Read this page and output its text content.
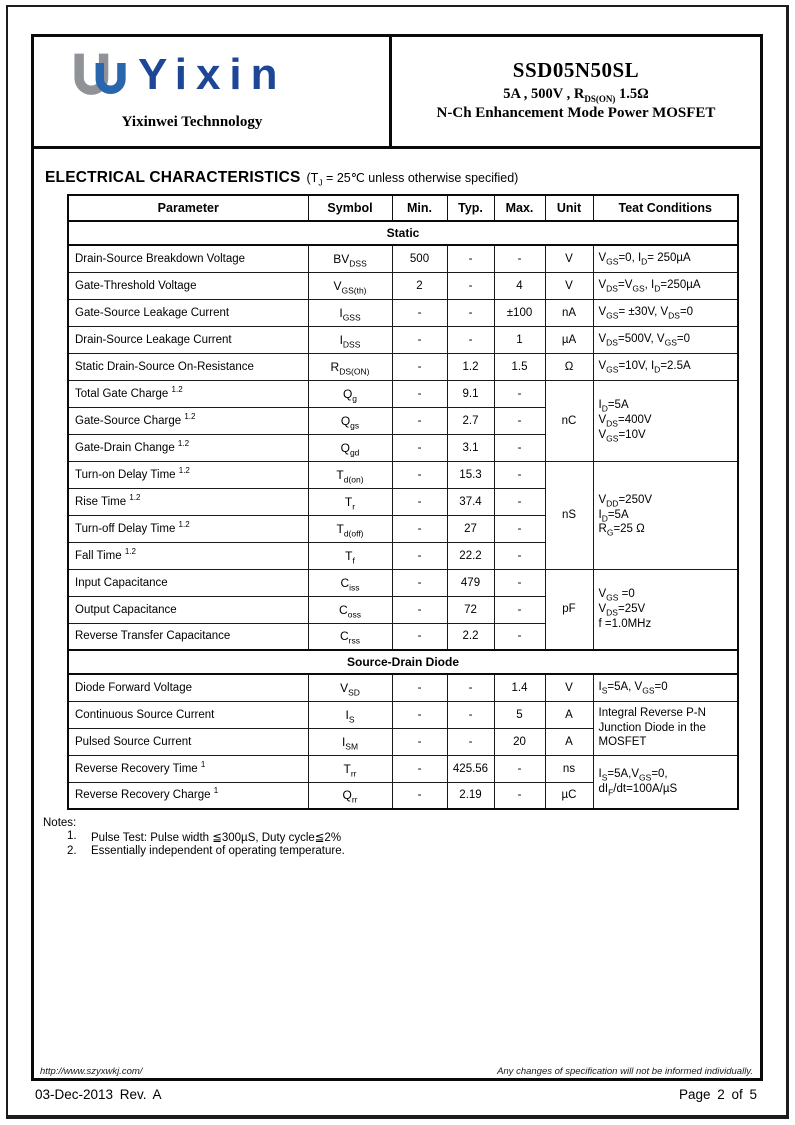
Yixin
Yixinwei Technnology
SSD05N50SL
5A , 500V , $R_{DS(ON)}$ 1.5Ω
N-Ch Enhancement Mode Power MOSFET
ELECTRICAL CHARACTERISTICS ($T_J$ = 25℃ unless otherwise specified)
Parameter	Symbol	Min.	Typ.	Max.	Unit	Teat Conditions
Static						
Drain-Source Breakdown Voltage	$BV_{DSS}$	500	-	-	V	$V_{GS}=0$, $I_D= 250\mu A$
Gate-Threshold Voltage	$V_{GS(th)}$	2	-	4	V	$V_{DS}=V_{GS}$, $I_D=250\mu A$
Gate-Source Leakage Current	$I_{GSS}$	-	-	±100	nA	$V_{GS}= \pm 30V$, $V_{DS}=0$
Drain-Source Leakage Current	$I_{DSS}$	-	-	1	µA	$V_{DS}=500V$, $V_{GS}=0$
Static Drain-Source On-Resistance	$R_{DS(ON)}$	-	1.2	1.5	Ω	$V_{GS}=10V$, $I_D=2.5A$
Total Gate Charge $^{1.2}$	$Q_g$	-	9.1	-	nC	$I_D=5A$
$V_{DS}=400V$
$V_{GS}=10V$
Gate-Source Charge $^{1.2}$	$Q_{gs}$	-	2.7	-		
Gate-Drain Change $^{1.2}$	$Q_{gd}$	-	3.1	-		
Turn-on Delay Time $^{1.2}$	$T_{d(on)}$	-	15.3	-	nS	$V_{DD}=250V$
$I_D=5A$
$R_G=25$ Ω
Rise Time $^{1.2}$	$T_r$	-	37.4	-		
Turn-off Delay Time $^{1.2}$	$T_{d(off)}$	-	27	-		
Fall Time $^{1.2}$	$T_f$	-	22.2	-		
Input Capacitance	$C_{iss}$	-	479	-	pF	$V_{GS} =0$
$V_{DS}=25V$
f =1.0MHz
Output Capacitance	$C_{oss}$	-	72	-		
Reverse Transfer Capacitance	$C_{rss}$	-	2.2	-		
Source-Drain Diode						
Diode Forward Voltage	$V_{SD}$	-	-	1.4	V	$I_S=5A$, $V_{GS}=0$
Continuous Source Current	$I_S$	-	-	5	A	Integral Reverse P-N
Junction Diode in the
MOSFET
Pulsed Source Current	$I_{SM}$	-	-	20	A	
Reverse Recovery Time $^1$	$T_{rr}$	-	425.56	-	ns	$I_S=5A,V_{GS}=0$,
$dI_F/dt=100A/\mu S$
Reverse Recovery Charge $^1$	$Q_{rr}$	-	2.19	-	µC	
Notes:
1.	Pulse Test: Pulse width ≦300µS, Duty cycle≦2%
2.	Essentially independent of operating temperature.
http://www.szyxwkj.com/	Any changes of specification will not be informed individually.
03-Dec-2013 Rev. A	Page 2 of 5
